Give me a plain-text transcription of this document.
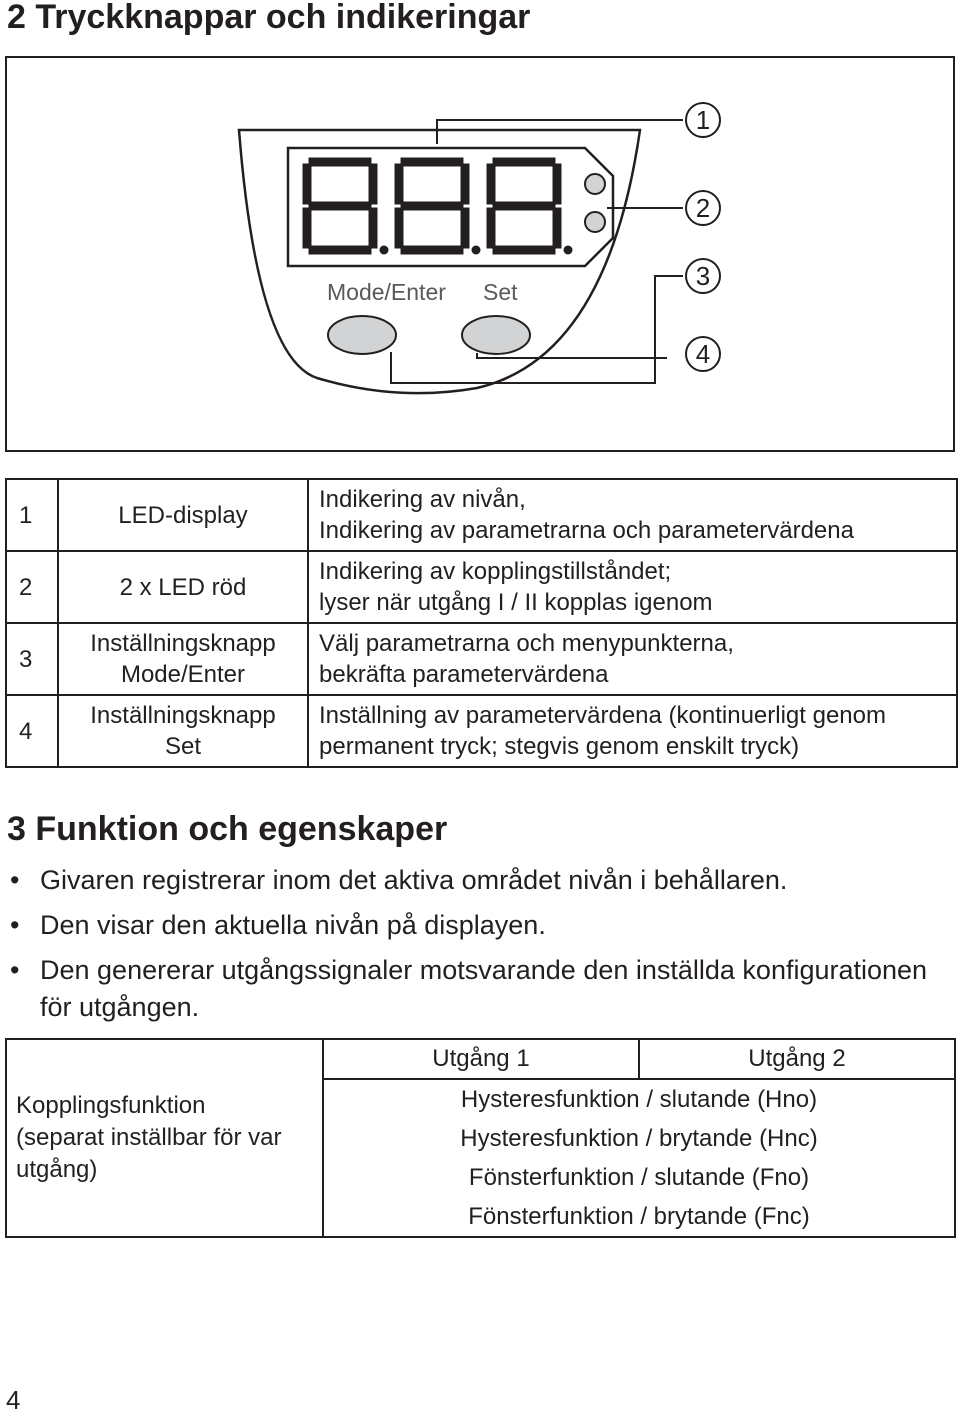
2 Tryckknappar och indikeringar
Mode/Enter Set
1
2
3
4
1	LED-display	Indikering av nivån,
Indikering av parametrarna och parametervärdena
2	2 x LED röd	Indikering av kopplingstillståndet;
lyser när utgång I / II kopplas igenom
3	Inställningsknapp
Mode/Enter	Välj parametrarna och menypunkterna,
bekräfta parametervärdena
4	Inställningsknapp
Set	Inställning av parametervärdena (kontinuerligt genom
permanent tryck; stegvis genom enskilt tryck)
3 Funktion och egenskaper
• Givaren registrerar inom det aktiva området nivån i behållaren.
• Den visar den aktuella nivån på displayen.
• Den genererar utgångssignaler motsvarande den inställda konfigurationen för utgången.
Kopplingsfunktion
(separat inställbar för var
utgång)	Utgång 1	Utgång 2
Hysteresfunktion / slutande (Hno)
Hysteresfunktion / brytande (Hnc)
Fönsterfunktion / slutande (Fno)
Fönsterfunktion / brytande (Fnc)
4
